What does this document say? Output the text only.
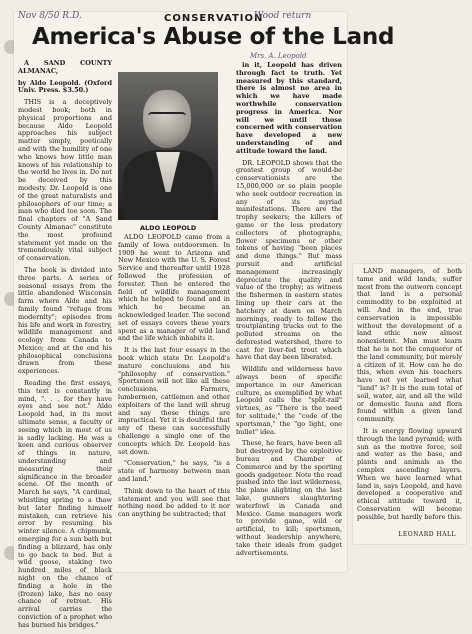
Nov 8/50 R.D.	CONSERVATION
Wood return
America's Abuse of the Land
Mrs. A. Leopold

A SAND COUNTY ALMANAC,

by Aldo Leopold. (Oxford Univ. Press. $3.50.)

THIS is a deceptively modest book; both in physical proportions and because Aldo Leopold approaches his subject matter simply, poetically and with the humility of one who knows how little man knows of his relationship to the world he lives in. Do not be deceived by this modesty. Dr. Leopold is one of the great naturalists and philosophers of our time; a man who died too soon. The final chapters of "A Sand County Almanac" constitute the most profound statement yet made on the tremendously vital subject of conservation.

The book is divided into three parts. A series of seasonal essays from the little abandoned Wisconsin farm where Aldo and his family found "refuge from modernity"; episodes from his life and work in forestry, wildlife management and ecology from Canada to Mexico; and at the end his philosophical conclusions drawn from these experiences.

Reading the first essays, this text is constantly in mind, ". . . for they have eyes and see not." Aldo Leopold had, in its most ultimate sense, a faculty of seeing which in most of us is sadly lacking. He was a keen and curious observer of things in nature, understanding and measuring their significance in the broader scene. Of the month of March he says, "A cardinal, whistling spring to a thaw but later finding himself mistaken, can retrieve his error by resuming his winter silence. A chipmunk, emerging for a sun bath but finding a blizzard, has only to go back to bed. But a wild goose, staking two hundred miles of black night on the chance of finding a hole in the (frozen) lake, has no easy chance of retreat. His arrival carries the conviction of a prophet who has burned his bridges."

ALDO LEOPOLD

ALDO LEOPOLD came from a family of Iowa outdoorsmen. In 1909 he went to Arizona and New Mexico with the U. S. Forest Service and thereafter until 1928 followed the profession of forester. Then he entered the field of wildlife management which he helped to found and in which he became an acknowledged leader. The second set of essays covers these years spent as a manager of wild land and the life which inhabits it.

It is the last four essays in the book which state Dr. Leopold's mature conclusions and his "philosophy of conservation." Sportsmen will not like all these conclusions. Farmers, lumbermen, cattlemen and other exploiters of the land will shrug and say these things are impractical. Yet it is doubtful that any of these can successfully challenge a single one of the concepts which Dr. Leopold has set down.

"Conservation," he says, "is a state of harmony between man and land."

Think down to the heart of this statement and you will see that nothing need be added to it nor can anything be subtracted; that

in it, Leopold has driven through fact to truth. Yet measured by this standard, there is almost no area in which we have made worthwhile conservation progress in America. Nor will we until those concerned with conservation have developed a new understanding of and attitude toward the land.

DR. LEOPOLD shows that the greatest group of would-be conservationists are the 15,000,000 or so plain people who seek outdoor recreation in any of its myriad manifestations. There are the trophy seekers; the killers of game or the less predatory collectors of photographs, flower specimens or other tokens of having "been places and done things." But mass pursuit and artificial management increasingly depreciate the quality and value of the trophy; as witness the fishermen in eastern states lining up their cars at the hatchery at dawn on March mornings, ready to follow the troutplanting trucks out to the polluted streams on the deforested watershed, there to cast for liver-fed trout which have that day been liberated.

Wildlife and wilderness have always been of specific importance in our American culture, as exemplified by what Leopold calls the "split-rail" virtues, as "There is the need for solitude," the "code of the sportsman," the "go light, one bullet" idea.

These, he fears, have been all but destroyed by the exploitive bureau and Chamber of Commerce and by the sporting goods gadgeteer. Note the road pushed into the last wilderness, the plane alighting on the last lake, gunners slaughtering waterfowl in Canada and Mexico. Game managers work to provide game, wild or artificial, to kill; sportsmen, without leadership anywhere, take their ideals from gadget advertisements.

LAND managers, of both tame and wild lands, suffer most from the outworn concept that land is a personal commodity to be exploited at will. And in the end, true conservation is impossible without the development of a land ethic now almost nonexistent. Man must learn that he is not the conqueror of the land community, but merely a citizen of it. How can he do this, when even his teachers have not yet learned what "land" is? It is the sum total of soil, water, air, and all the wild or domestic fauna and flora found within a given land community.

It is energy flowing upward through the land pyramid; with sun as the motive force, soil and water as the base, and plants and animals as the complex ascending layers. When we have learned what land is, says Leopold, and have developed a cooperative and ethical attitude toward it, Conservation will become possible, but hardly before this.

LEONARD HALL
